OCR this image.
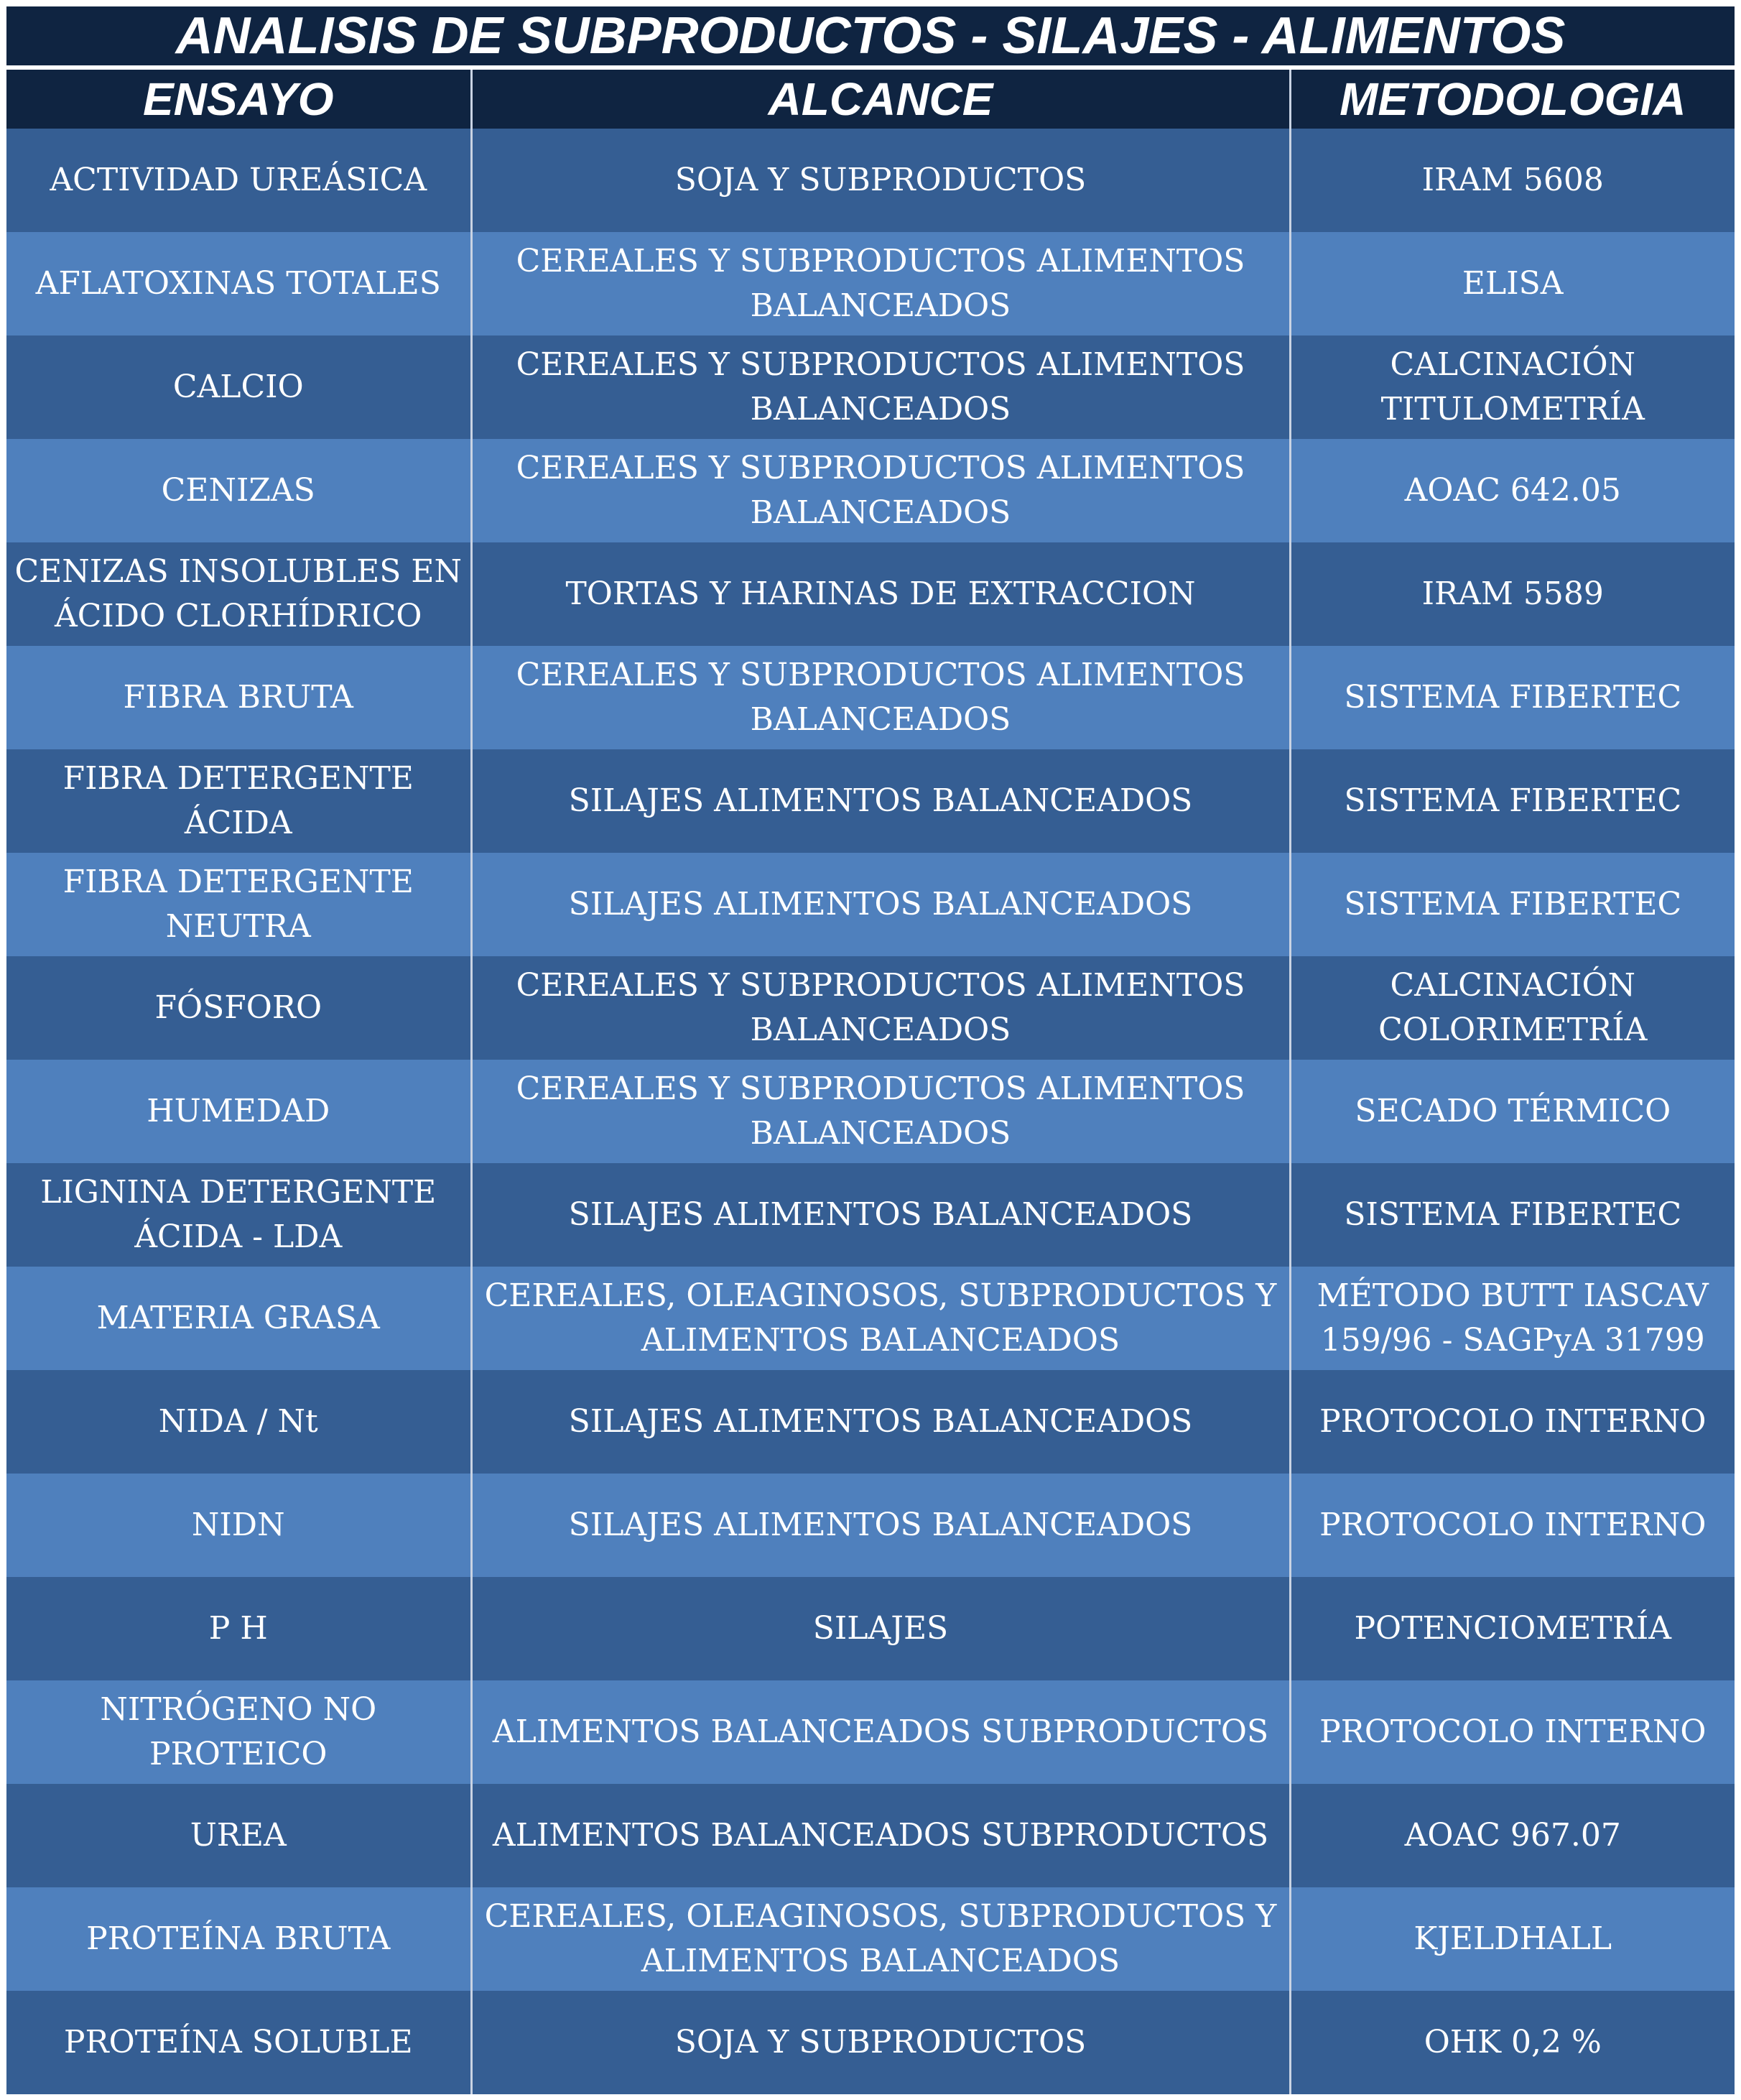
ANALISIS DE SUBPRODUCTOS - SILAJES - ALIMENTOS
ENSAYO	ALCANCE	METODOLOGIA
ACTIVIDAD UREÁSICA	SOJA Y SUBPRODUCTOS	IRAM 5608
AFLATOXINAS TOTALES	CEREALES Y SUBPRODUCTOS ALIMENTOS BALANCEADOS	ELISA
CALCIO	CEREALES Y SUBPRODUCTOS ALIMENTOS BALANCEADOS	CALCINACIÓN TITULOMETRÍA
CENIZAS	CEREALES Y SUBPRODUCTOS ALIMENTOS BALANCEADOS	AOAC 642.05
CENIZAS INSOLUBLES EN ÁCIDO CLORHÍDRICO	TORTAS Y HARINAS DE EXTRACCION	IRAM 5589
FIBRA BRUTA	CEREALES Y SUBPRODUCTOS ALIMENTOS BALANCEADOS	SISTEMA FIBERTEC
FIBRA DETERGENTE ÁCIDA	SILAJES ALIMENTOS BALANCEADOS	SISTEMA FIBERTEC
FIBRA DETERGENTE NEUTRA	SILAJES ALIMENTOS BALANCEADOS	SISTEMA FIBERTEC
FÓSFORO	CEREALES Y SUBPRODUCTOS ALIMENTOS BALANCEADOS	CALCINACIÓN COLORIMETRÍA
HUMEDAD	CEREALES Y SUBPRODUCTOS ALIMENTOS BALANCEADOS	SECADO TÉRMICO
LIGNINA DETERGENTE ÁCIDA - LDA	SILAJES ALIMENTOS BALANCEADOS	SISTEMA FIBERTEC
MATERIA GRASA	CEREALES, OLEAGINOSOS, SUBPRODUCTOS Y ALIMENTOS BALANCEADOS	MÉTODO BUTT IASCAV 159/96 - SAGPyA 31799
NIDA / Nt	SILAJES ALIMENTOS BALANCEADOS	PROTOCOLO INTERNO
NIDN	SILAJES ALIMENTOS BALANCEADOS	PROTOCOLO INTERNO
P H	SILAJES	POTENCIOMETRÍA
NITRÓGENO NO PROTEICO	ALIMENTOS BALANCEADOS SUBPRODUCTOS	PROTOCOLO INTERNO
UREA	ALIMENTOS BALANCEADOS SUBPRODUCTOS	AOAC 967.07
PROTEÍNA BRUTA	CEREALES, OLEAGINOSOS, SUBPRODUCTOS Y ALIMENTOS BALANCEADOS	KJELDHALL
PROTEÍNA SOLUBLE	SOJA Y SUBPRODUCTOS	OHK 0,2 %
